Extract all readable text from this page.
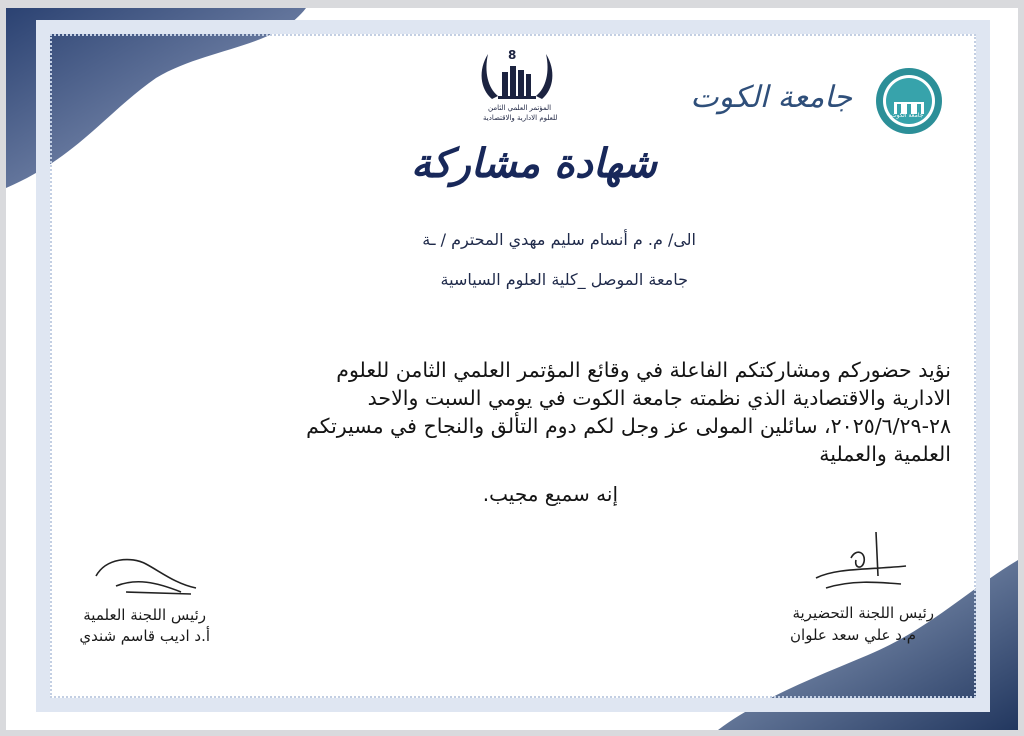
8
المؤتمر العلمي الثامن
للعلوم الادارية والاقتصادية
جامعة الكوت
جامعة الكوت
شهادة مشاركة
الى/ م. م أنسام سليم مهدي المحترم / ـة
جامعة الموصل _كلية العلوم السياسية
نؤيد حضوركم ومشاركتكم الفاعلة في وقائع المؤتمر العلمي الثامن للعلوم
الادارية والاقتصادية الذي نظمته جامعة الكوت في يومي السبت والاحد
٢٨-٢٠٢٥/٦/٢٩، سائلين المولى عز وجل لكم دوم التألق والنجاح في مسيرتكم
العلمية والعملية
إنه سميع مجيب.
رئيس اللجنة العلمية
أ.د اديب قاسم شندي
رئيس اللجنة التحضيرية
م.د علي سعد علوان
